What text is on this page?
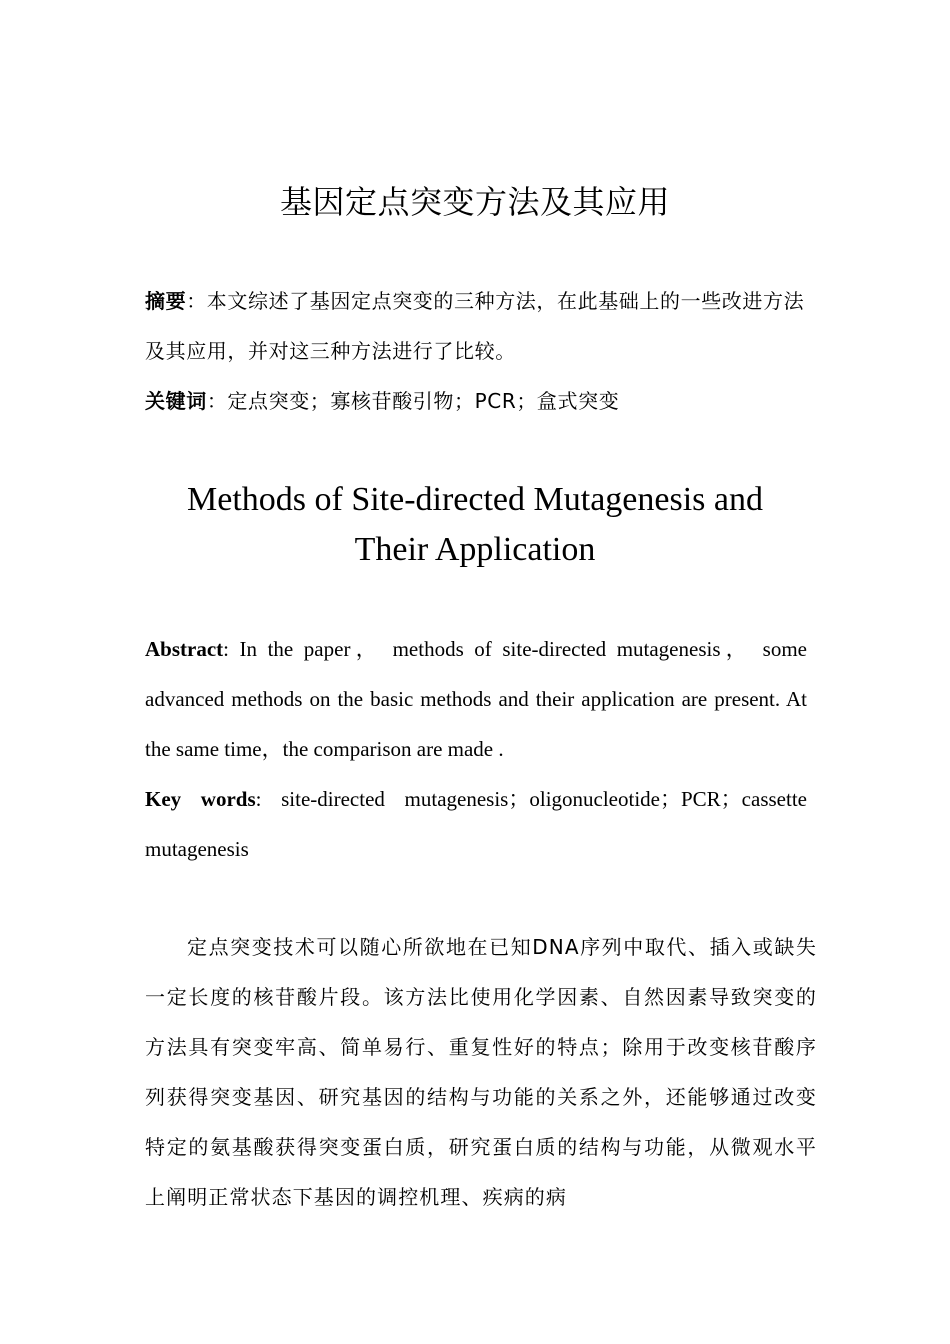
基因定点突变方法及其应用

摘要：本文综述了基因定点突变的三种方法，在此基础上的一些改进方法及其应用，并对这三种方法进行了比较。

关键词：定点突变；寡核苷酸引物；PCR；盒式突变

Methods of Site-directed Mutagenesis and
Their Application

Abstract: In the paper， methods of site-directed mutagenesis， some advanced methods on the basic methods and their application are present. At the same time，the comparison are made .

Key words: site-directed mutagenesis；oligonucleotide；PCR；cassette mutagenesis

定点突变技术可以随心所欲地在已知DNA序列中取代、插入或缺失一定长度的核苷酸片段。该方法比使用化学因素、自然因素导致突变的方法具有突变牢高、简单易行、重复性好的特点；除用于改变核苷酸序列获得突变基因、研究基因的结构与功能的关系之外，还能够通过改变特定的氨基酸获得突变蛋白质，研究蛋白质的结构与功能，从微观水平上阐明正常状态下基因的调控机理、疾病的病
